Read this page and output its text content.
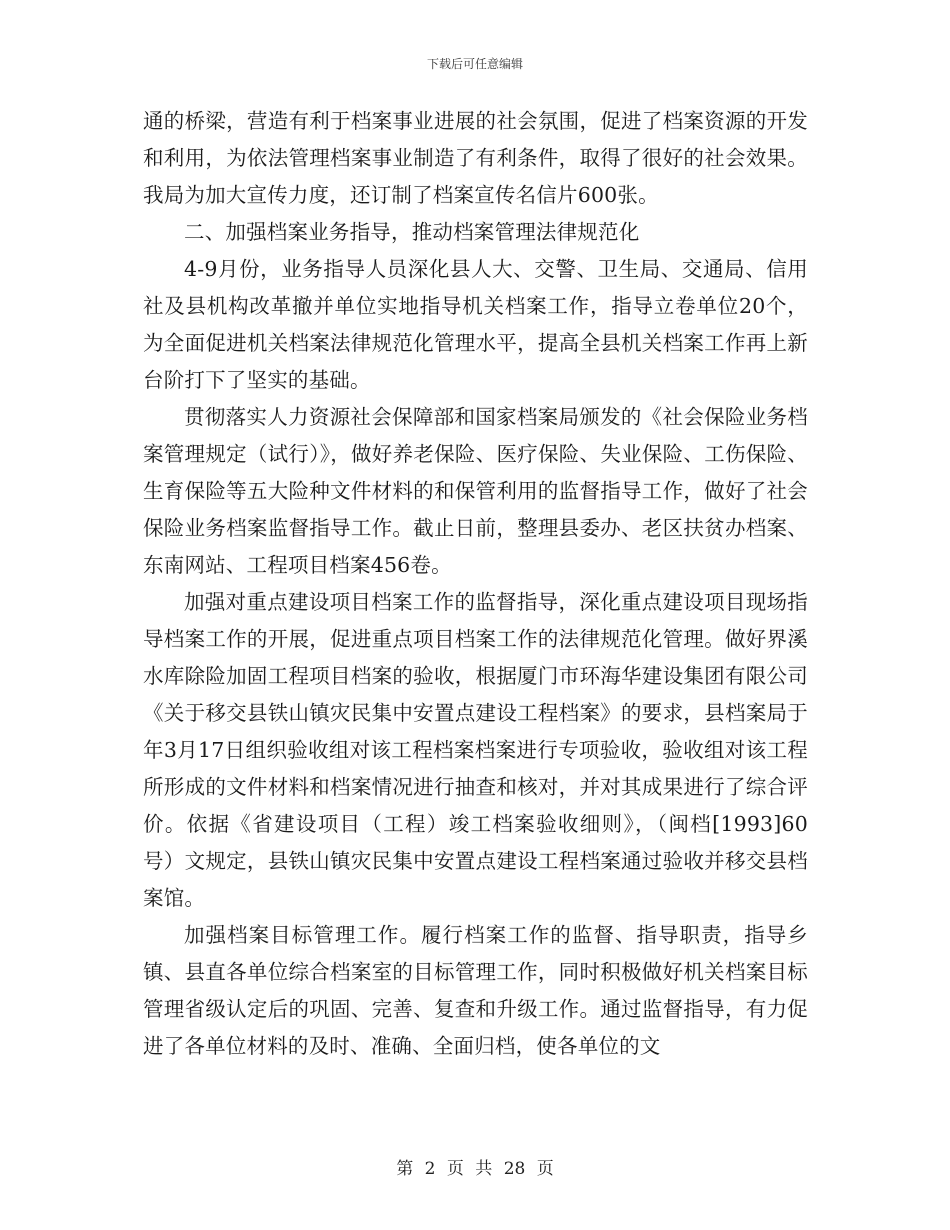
下载后可任意编辑

通的桥梁，营造有利于档案事业进展的社会氛围，促进了档案资源的开发和利用，为依法管理档案事业制造了有利条件，取得了很好的社会效果。我局为加大宣传力度，还订制了档案宣传名信片600张。

二、加强档案业务指导，推动档案管理法律规范化

4-9月份，业务指导人员深化县人大、交警、卫生局、交通局、信用社及县机构改革撤并单位实地指导机关档案工作，指导立卷单位20个，为全面促进机关档案法律规范化管理水平，提高全县机关档案工作再上新台阶打下了坚实的基础。

贯彻落实人力资源社会保障部和国家档案局颁发的《社会保险业务档案管理规定（试行）》，做好养老保险、医疗保险、失业保险、工伤保险、生育保险等五大险种文件材料的和保管利用的监督指导工作，做好了社会保险业务档案监督指导工作。截止日前，整理县委办、老区扶贫办档案、东南网站、工程项目档案456卷。

加强对重点建设项目档案工作的监督指导，深化重点建设项目现场指导档案工作的开展，促进重点项目档案工作的法律规范化管理。做好界溪水库除险加固工程项目档案的验收，根据厦门市环海华建设集团有限公司《关于移交县铁山镇灾民集中安置点建设工程档案》的要求，县档案局于年3月17日组织验收组对该工程档案档案进行专项验收，验收组对该工程所形成的文件材料和档案情况进行抽查和核对，并对其成果进行了综合评价。依据《省建设项目（工程）竣工档案验收细则》，（闽档[1993]60号）文规定，县铁山镇灾民集中安置点建设工程档案通过验收并移交县档案馆。

加强档案目标管理工作。履行档案工作的监督、指导职责，指导乡镇、县直各单位综合档案室的目标管理工作，同时积极做好机关档案目标管理省级认定后的巩固、完善、复查和升级工作。通过监督指导，有力促进了各单位材料的及时、准确、全面归档，使各单位的文

第 2 页 共 28 页
